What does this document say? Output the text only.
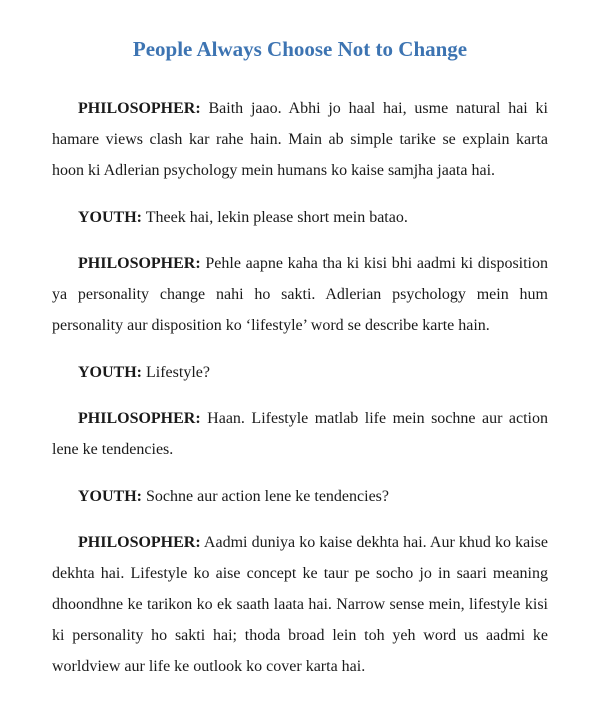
People Always Choose Not to Change

PHILOSOPHER: Baith jaao. Abhi jo haal hai, usme natural hai ki hamare views clash kar rahe hain. Main ab simple tarike se explain karta hoon ki Adlerian psychology mein humans ko kaise samjha jaata hai.

YOUTH: Theek hai, lekin please short mein batao.

PHILOSOPHER: Pehle aapne kaha tha ki kisi bhi aadmi ki disposition ya personality change nahi ho sakti. Adlerian psychology mein hum personality aur disposition ko ‘lifestyle’ word se describe karte hain.

YOUTH: Lifestyle?

PHILOSOPHER: Haan. Lifestyle matlab life mein sochne aur action lene ke tendencies.

YOUTH: Sochne aur action lene ke tendencies?

PHILOSOPHER: Aadmi duniya ko kaise dekhta hai. Aur khud ko kaise dekhta hai. Lifestyle ko aise concept ke taur pe socho jo in saari meaning dhoondhne ke tarikon ko ek saath laata hai. Narrow sense mein, lifestyle kisi ki personality ho sakti hai; thoda broad lein toh yeh word us aadmi ke worldview aur life ke outlook ko cover karta hai.
